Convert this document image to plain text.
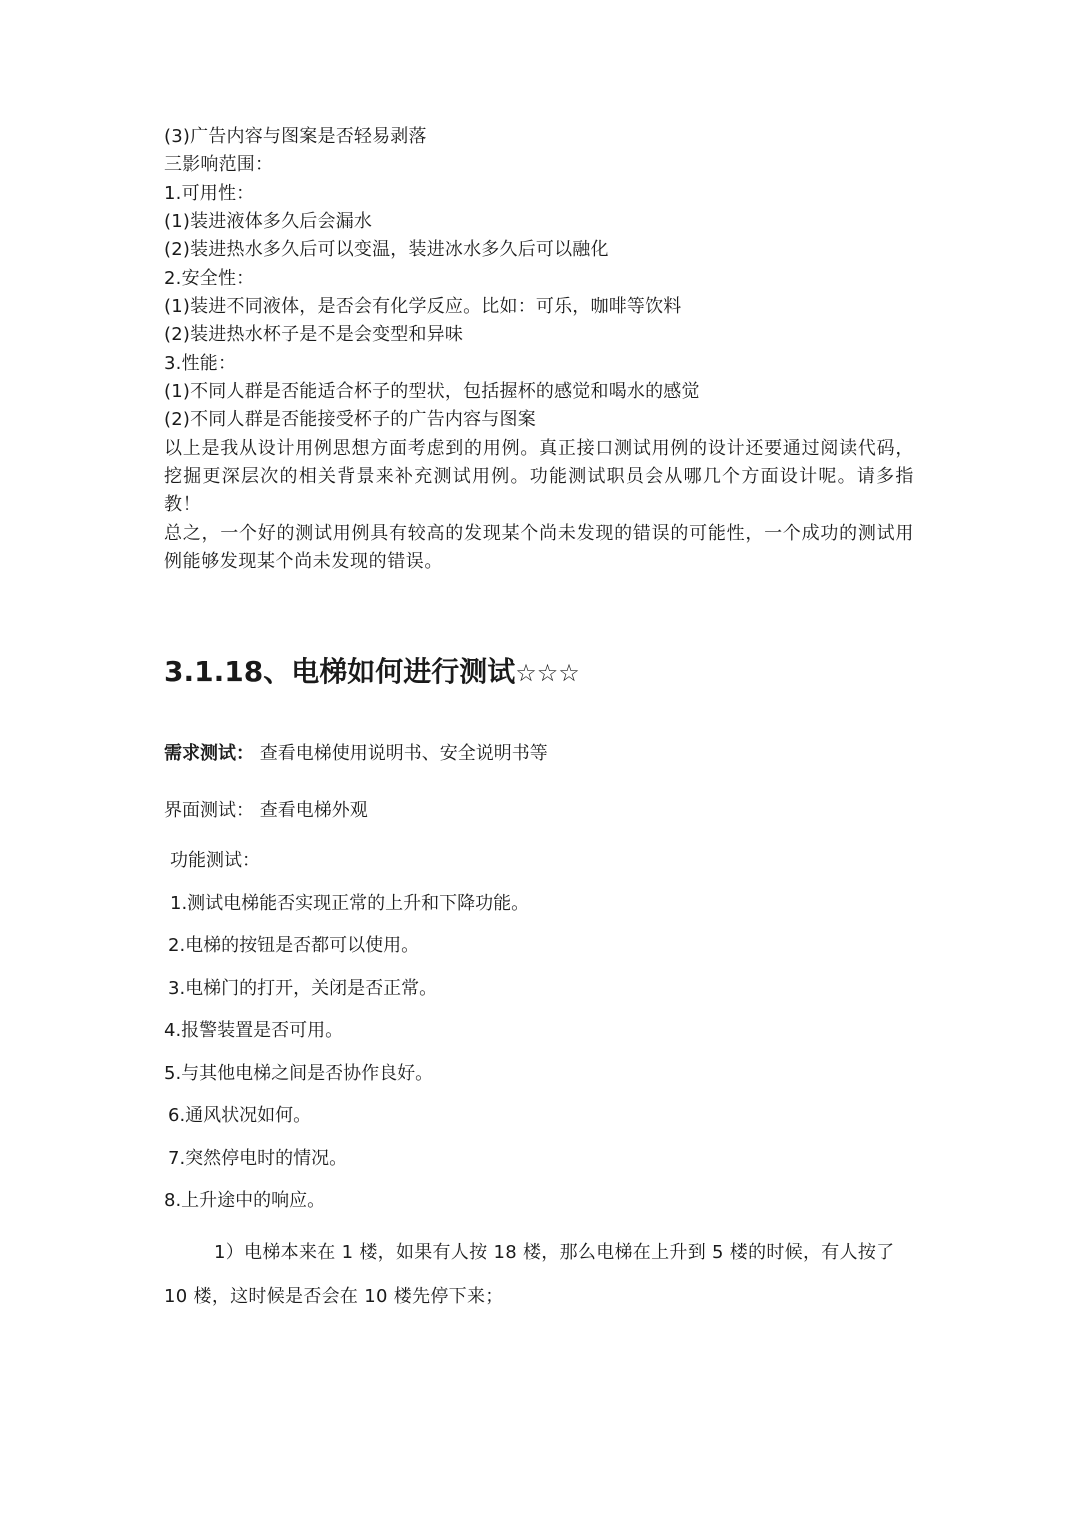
(3)广告内容与图案是否轻易剥落
三影响范围：
1.可用性：
(1)装进液体多久后会漏水
(2)装进热水多久后可以变温，装进冰水多久后可以融化
2.安全性：
(1)装进不同液体，是否会有化学反应。比如：可乐，咖啡等饮料
(2)装进热水杯子是不是会变型和异味
3.性能：
(1)不同人群是否能适合杯子的型状，包括握杯的感觉和喝水的感觉
(2)不同人群是否能接受杯子的广告内容与图案
以上是我从设计用例思想方面考虑到的用例。真正接口测试用例的设计还要通过阅读代码，挖掘更深层次的相关背景来补充测试用例。功能测试职员会从哪几个方面设计呢。请多指教！
总之，一个好的测试用例具有较高的发现某个尚未发现的错误的可能性，一个成功的测试用例能够发现某个尚未发现的错误。
3.1.18、电梯如何进行测试☆☆☆
需求测试： 查看电梯使用说明书、安全说明书等
界面测试： 查看电梯外观
功能测试：
1.测试电梯能否实现正常的上升和下降功能。
2.电梯的按钮是否都可以使用。
3.电梯门的打开，关闭是否正常。
4.报警装置是否可用。
5.与其他电梯之间是否协作良好。
6.通风状况如何。
7.突然停电时的情况。
8.上升途中的响应。
1）电梯本来在 1 楼，如果有人按 18 楼，那么电梯在上升到 5 楼的时候，有人按了 10 楼，这时候是否会在 10 楼先停下来；
